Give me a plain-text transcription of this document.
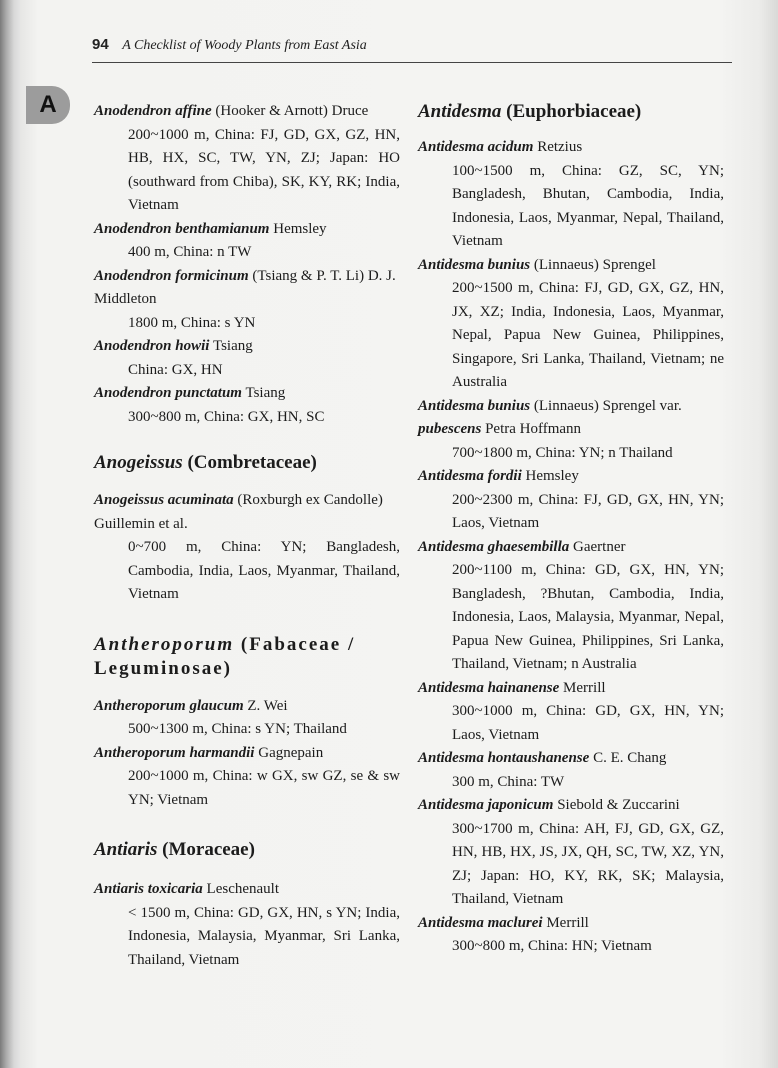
94 A Checklist of Woody Plants from East Asia
A	Anodendron affine (Hooker & Arnott) Druce
200~1000 m, China: FJ, GD, GX, GZ, HN, HB, HX, SC, TW, YN, ZJ; Japan: HO (southward from Chiba), SK, KY, RK; India, Vietnam
Anodendron benthamianum Hemsley
400 m, China: n TW
Anodendron formicinum (Tsiang & P. T. Li) D. J. Middleton
1800 m, China: s YN
Anodendron howii Tsiang
China: GX, HN
Anodendron punctatum Tsiang
300~800 m, China: GX, HN, SC

Anogeissus (Combretaceae)

Anogeissus acuminata (Roxburgh ex Candolle) Guillemin et al.
0~700 m, China: YN; Bangladesh, Cambodia, India, Laos, Myanmar, Thailand, Vietnam

Antheroporum (Fabaceae / Leguminosae)

Antheroporum glaucum Z. Wei
500~1300 m, China: s YN; Thailand
Antheroporum harmandii Gagnepain
200~1000 m, China: w GX, sw GZ, se & sw YN; Vietnam

Antiaris (Moraceae)

Antiaris toxicaria Leschenault
< 1500 m, China: GD, GX, HN, s YN; India, Indonesia, Malaysia, Myanmar, Sri Lanka, Thailand, Vietnam

Antidesma (Euphorbiaceae)

Antidesma acidum Retzius
100~1500 m, China: GZ, SC, YN; Bangladesh, Bhutan, Cambodia, India, Indonesia, Laos, Myanmar, Nepal, Thailand, Vietnam
Antidesma bunius (Linnaeus) Sprengel
200~1500 m, China: FJ, GD, GX, GZ, HN, JX, XZ; India, Indonesia, Laos, Myanmar, Nepal, Papua New Guinea, Philippines, Singapore, Sri Lanka, Thailand, Vietnam; ne Australia
Antidesma bunius (Linnaeus) Sprengel var. pubescens Petra Hoffmann
700~1800 m, China: YN; n Thailand
Antidesma fordii Hemsley
200~2300 m, China: FJ, GD, GX, HN, YN; Laos, Vietnam
Antidesma ghaesembilla Gaertner
200~1100 m, China: GD, GX, HN, YN; Bangladesh, ?Bhutan, Cambodia, India, Indonesia, Laos, Malaysia, Myanmar, Nepal, Papua New Guinea, Philippines, Sri Lanka, Thailand, Vietnam; n Australia
Antidesma hainanense Merrill
300~1000 m, China: GD, GX, HN, YN; Laos, Vietnam
Antidesma hontaushanense C. E. Chang
300 m, China: TW
Antidesma japonicum Siebold & Zuccarini
300~1700 m, China: AH, FJ, GD, GX, GZ, HN, HB, HX, JS, JX, QH, SC, TW, XZ, YN, ZJ; Japan: HO, KY, RK, SK; Malaysia, Thailand, Vietnam
Antidesma maclurei Merrill
300~800 m, China: HN; Vietnam
